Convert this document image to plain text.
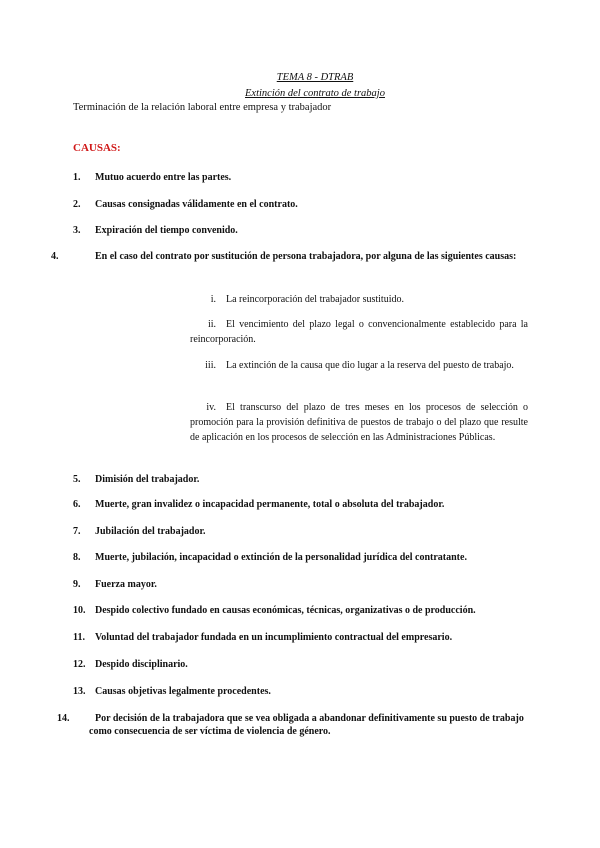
TEMA 8 - DTRAB
Extinción del contrato de trabajo
Terminación de la relación laboral entre empresa y trabajador
CAUSAS:
1. Mutuo acuerdo entre las partes.
2. Causas consignadas válidamente en el contrato.
3. Expiración del tiempo convenido.
4.	En el caso del contrato por sustitución de persona trabajadora, por alguna de las siguientes causas:
i. La reincorporación del trabajador sustituido.
ii. El vencimiento del plazo legal o convencionalmente establecido para la reincorporación.
iii. La extinción de la causa que dio lugar a la reserva del puesto de trabajo.
iv. El transcurso del plazo de tres meses en los procesos de selección o promoción para la provisión definitiva de puestos de trabajo o del plazo que resulte de aplicación en los procesos de selección en las Administraciones Públicas.
5. Dimisión del trabajador.
6. Muerte, gran invalidez o incapacidad permanente, total o absoluta del trabajador.
7. Jubilación del trabajador.
8. Muerte, jubilación, incapacidad o extinción de la personalidad jurídica del contratante.
9. Fuerza mayor.
10. Despido colectivo fundado en causas económicas, técnicas, organizativas o de producción.
11. Voluntad del trabajador fundada en un incumplimiento contractual del empresario.
12. Despido disciplinario.
13. Causas objetivas legalmente procedentes.
14.	Por decisión de la trabajadora que se vea obligada a abandonar definitivamente su puesto de trabajo como consecuencia de ser víctima de violencia de género.
